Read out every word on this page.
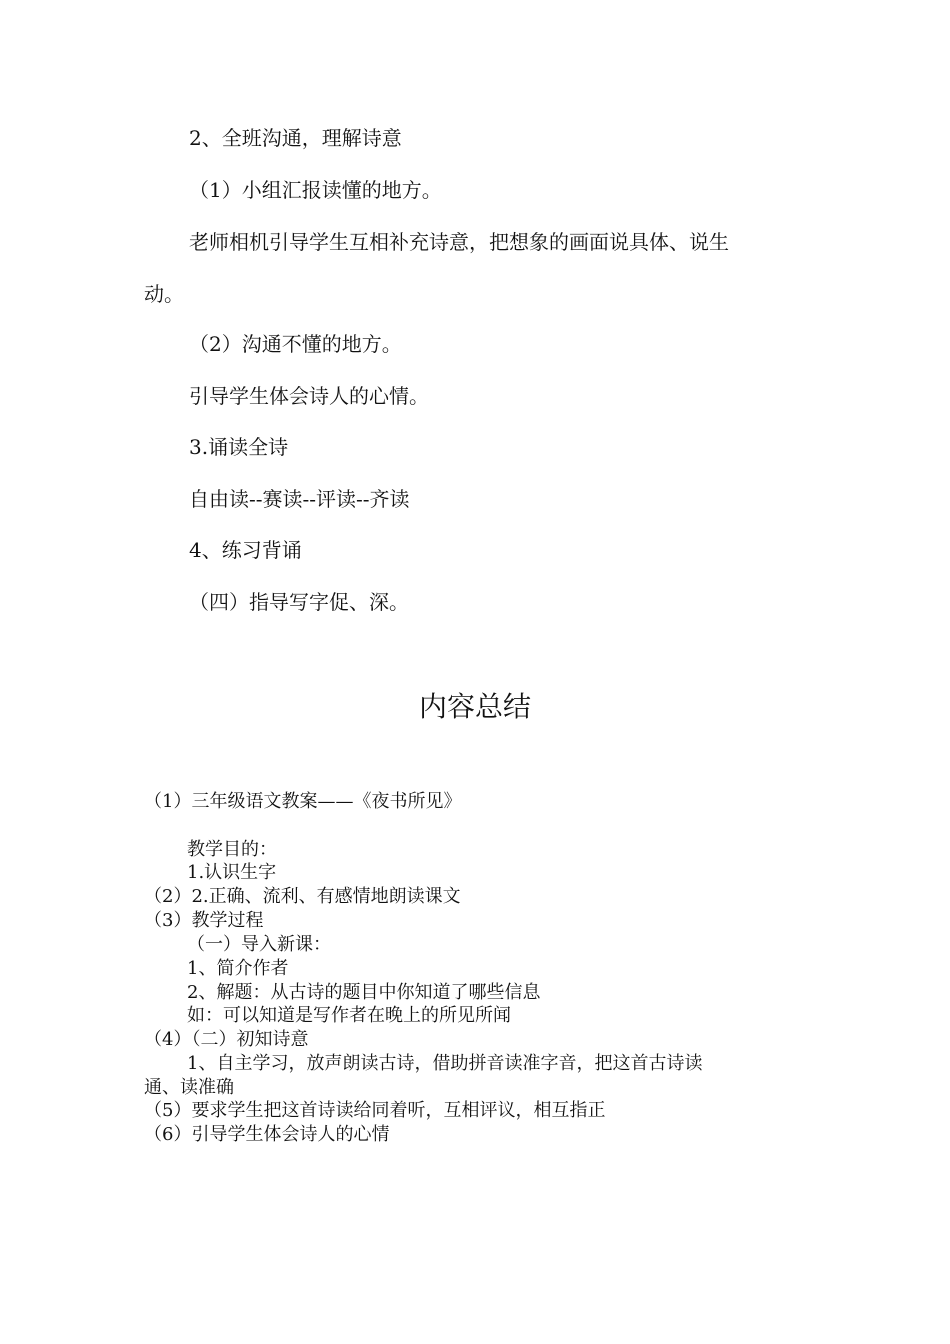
2、全班沟通，理解诗意
（1）小组汇报读懂的地方。
老师相机引导学生互相补充诗意，把想象的画面说具体、说生
动。
（2）沟通不懂的地方。
引导学生体会诗人的心情。
3.诵读全诗
自由读--赛读--评读--齐读
4、练习背诵
（四）指导写字促、深。
内容总结
（1）三年级语文教案——《夜书所见》
教学目的：
1.认识生字
（2）2.正确、流利、有感情地朗读课文
（3）教学过程
（一）导入新课：
1、简介作者
2、解题：从古诗的题目中你知道了哪些信息
如：可以知道是写作者在晚上的所见所闻
（4）（二）初知诗意
1、自主学习，放声朗读古诗，借助拼音读准字音，把这首古诗读
通、读准确
（5）要求学生把这首诗读给同着听，互相评议，相互指正
（6）引导学生体会诗人的心情
